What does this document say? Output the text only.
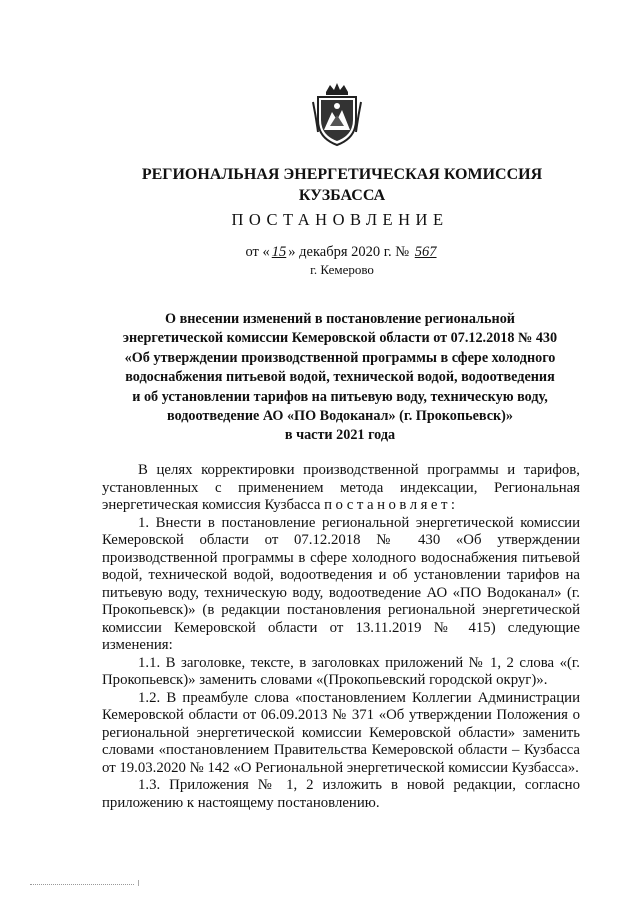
РЕГИОНАЛЬНАЯ ЭНЕРГЕТИЧЕСКАЯ КОМИССИЯ
КУЗБАССА
ПОСТАНОВЛЕНИЕ
от « 15 » декабря 2020 г. № 567
г. Кемерово
О внесении изменений в постановление региональной
энергетической комиссии Кемеровской области от 07.12.2018 № 430
«Об утверждении производственной программы в сфере холодного
водоснабжения питьевой водой, технической водой, водоотведения
и об установлении тарифов на питьевую воду, техническую воду,
водоотведение АО «ПО Водоканал» (г. Прокопьевск)»
в части 2021 года

В целях корректировки производственной программы и тарифов, установленных с применением метода индексации, Региональная энергетическая комиссия Кузбасса постановляет:

1. Внести в постановление региональной энергетической комиссии Кемеровской области от 07.12.2018 № 430 «Об утверждении производственной программы в сфере холодного водоснабжения питьевой водой, технической водой, водоотведения и об установлении тарифов на питьевую воду, техническую воду, водоотведение АО «ПО Водоканал» (г. Прокопьевск)» (в редакции постановления региональной энергетической комиссии Кемеровской области от 13.11.2019 № 415) следующие изменения:

1.1. В заголовке, тексте, в заголовках приложений № 1, 2 слова «(г. Прокопьевск)» заменить словами «(Прокопьевский городской округ)».

1.2. В преамбуле слова «постановлением Коллегии Администрации Кемеровской области от 06.09.2013 № 371 «Об утверждении Положения о региональной энергетической комиссии Кемеровской области» заменить словами «постановлением Правительства Кемеровской области – Кузбасса от 19.03.2020 № 142 «О Региональной энергетической комиссии Кузбасса».

1.3. Приложения № 1, 2 изложить в новой редакции, согласно приложению к настоящему постановлению.
